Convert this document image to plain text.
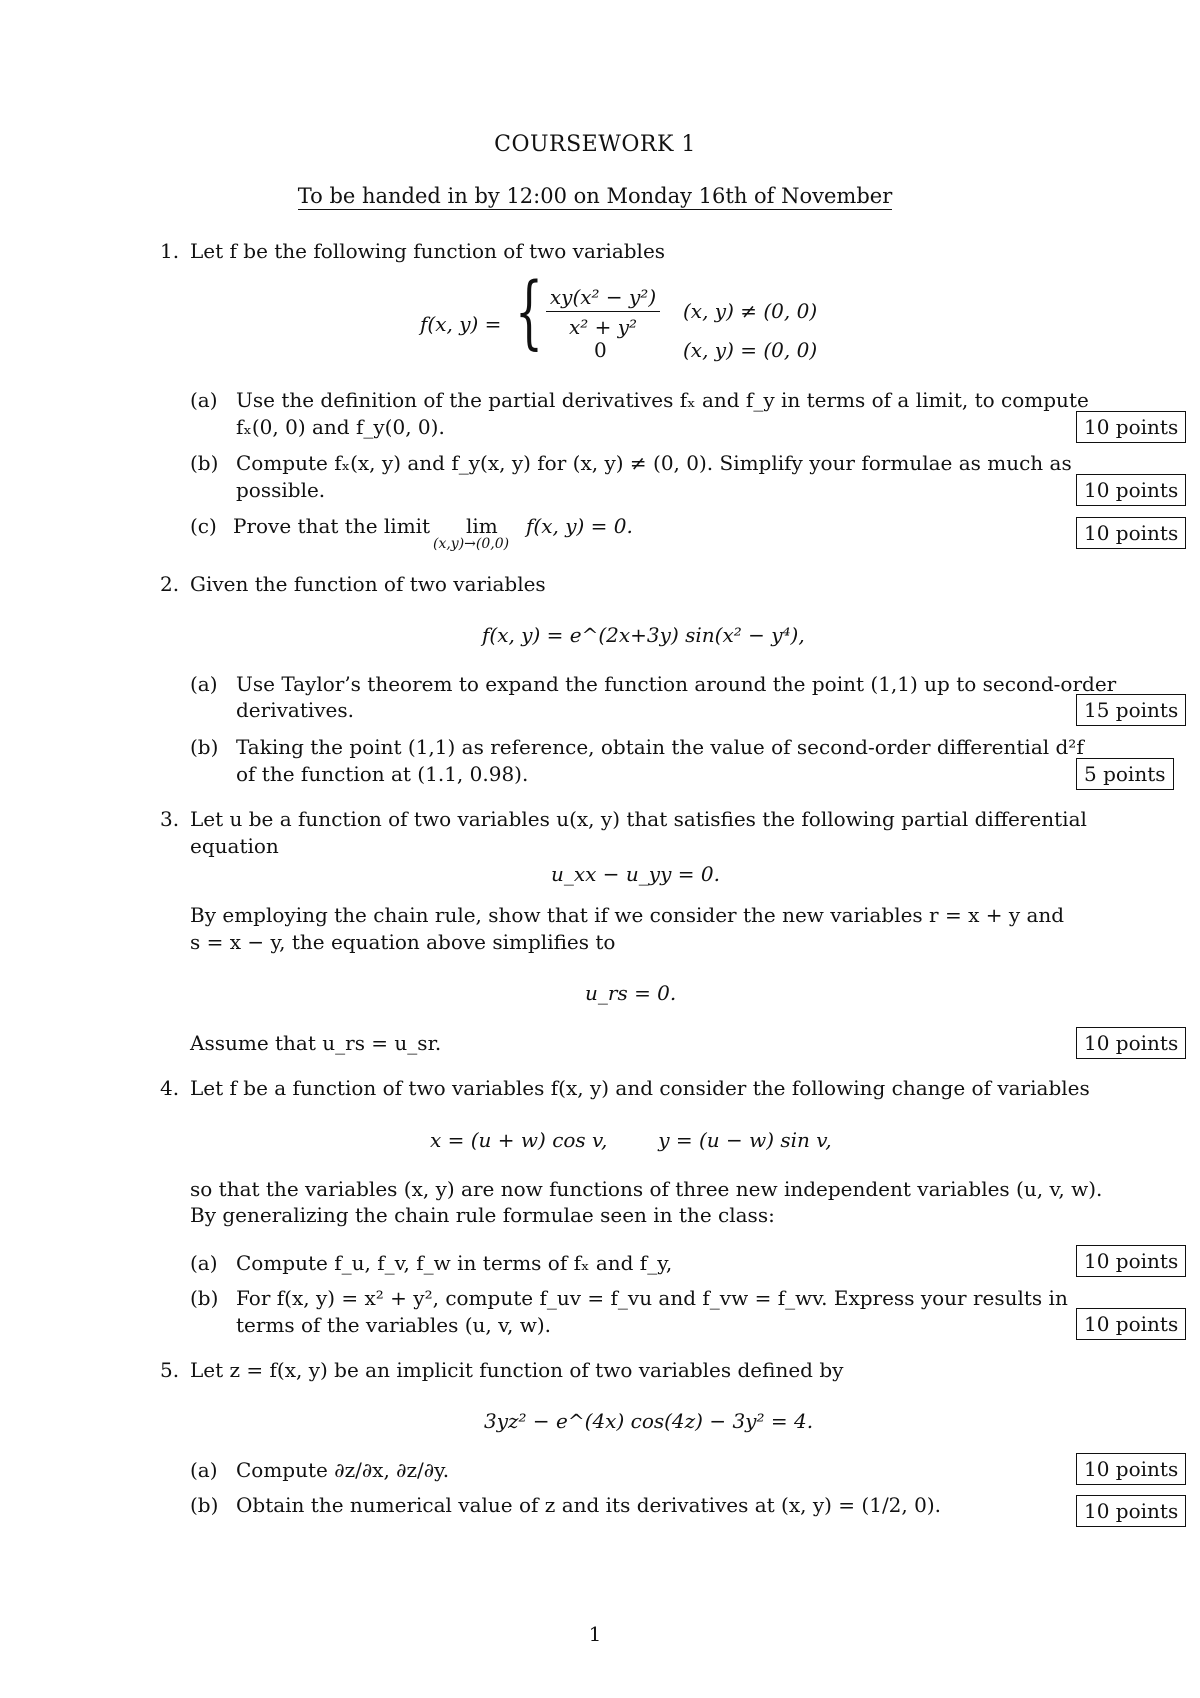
COURSEWORK 1
To be handed in by 12:00 on Monday 16th of November
1. Let f be the following function of two variables
f(x, y) = { xy(x² − y²)
x² + y²
(x, y) ≠ (0, 0)
0	(x, y) = (0, 0)
(a) Use the definition of the partial derivatives fₓ and f_y in terms of a limit, to compute
fₓ(0, 0) and f_y(0, 0).	10 points
(b) Compute fₓ(x, y) and f_y(x, y) for (x, y) ≠ (0, 0). Simplify your formulae as much as
possible.	10 points
(c) Prove that the limit lim
(x,y)→(0,0)
f(x, y) = 0.	10 points
2. Given the function of two variables
f(x, y) = e^(2x+3y) sin(x² − y⁴),
(a) Use Taylor’s theorem to expand the function around the point (1,1) up to second-order
derivatives.	15 points
(b) Taking the point (1,1) as reference, obtain the value of second-order differential d²f
of the function at (1.1, 0.98).	5 points
3. Let u be a function of two variables u(x, y) that satisfies the following partial differential
equation
u_xx − u_yy = 0.
By employing the chain rule, show that if we consider the new variables r = x + y and
s = x − y, the equation above simplifies to
u_rs = 0.
Assume that u_rs = u_sr.	10 points
4. Let f be a function of two variables f(x, y) and consider the following change of variables
x = (u + w) cos v,        y = (u − w) sin v,
so that the variables (x, y) are now functions of three new independent variables (u, v, w).
By generalizing the chain rule formulae seen in the class:
(a) Compute f_u, f_v, f_w in terms of fₓ and f_y,	10 points
(b) For f(x, y) = x² + y², compute f_uv = f_vu and f_vw = f_wv. Express your results in
terms of the variables (u, v, w).	10 points
5. Let z = f(x, y) be an implicit function of two variables defined by
3yz² − e^(4x) cos(4z) − 3y² = 4.
(a) Compute ∂z/∂x, ∂z/∂y.	10 points
(b) Obtain the numerical value of z and its derivatives at (x, y) = (1/2, 0).	10 points
1
